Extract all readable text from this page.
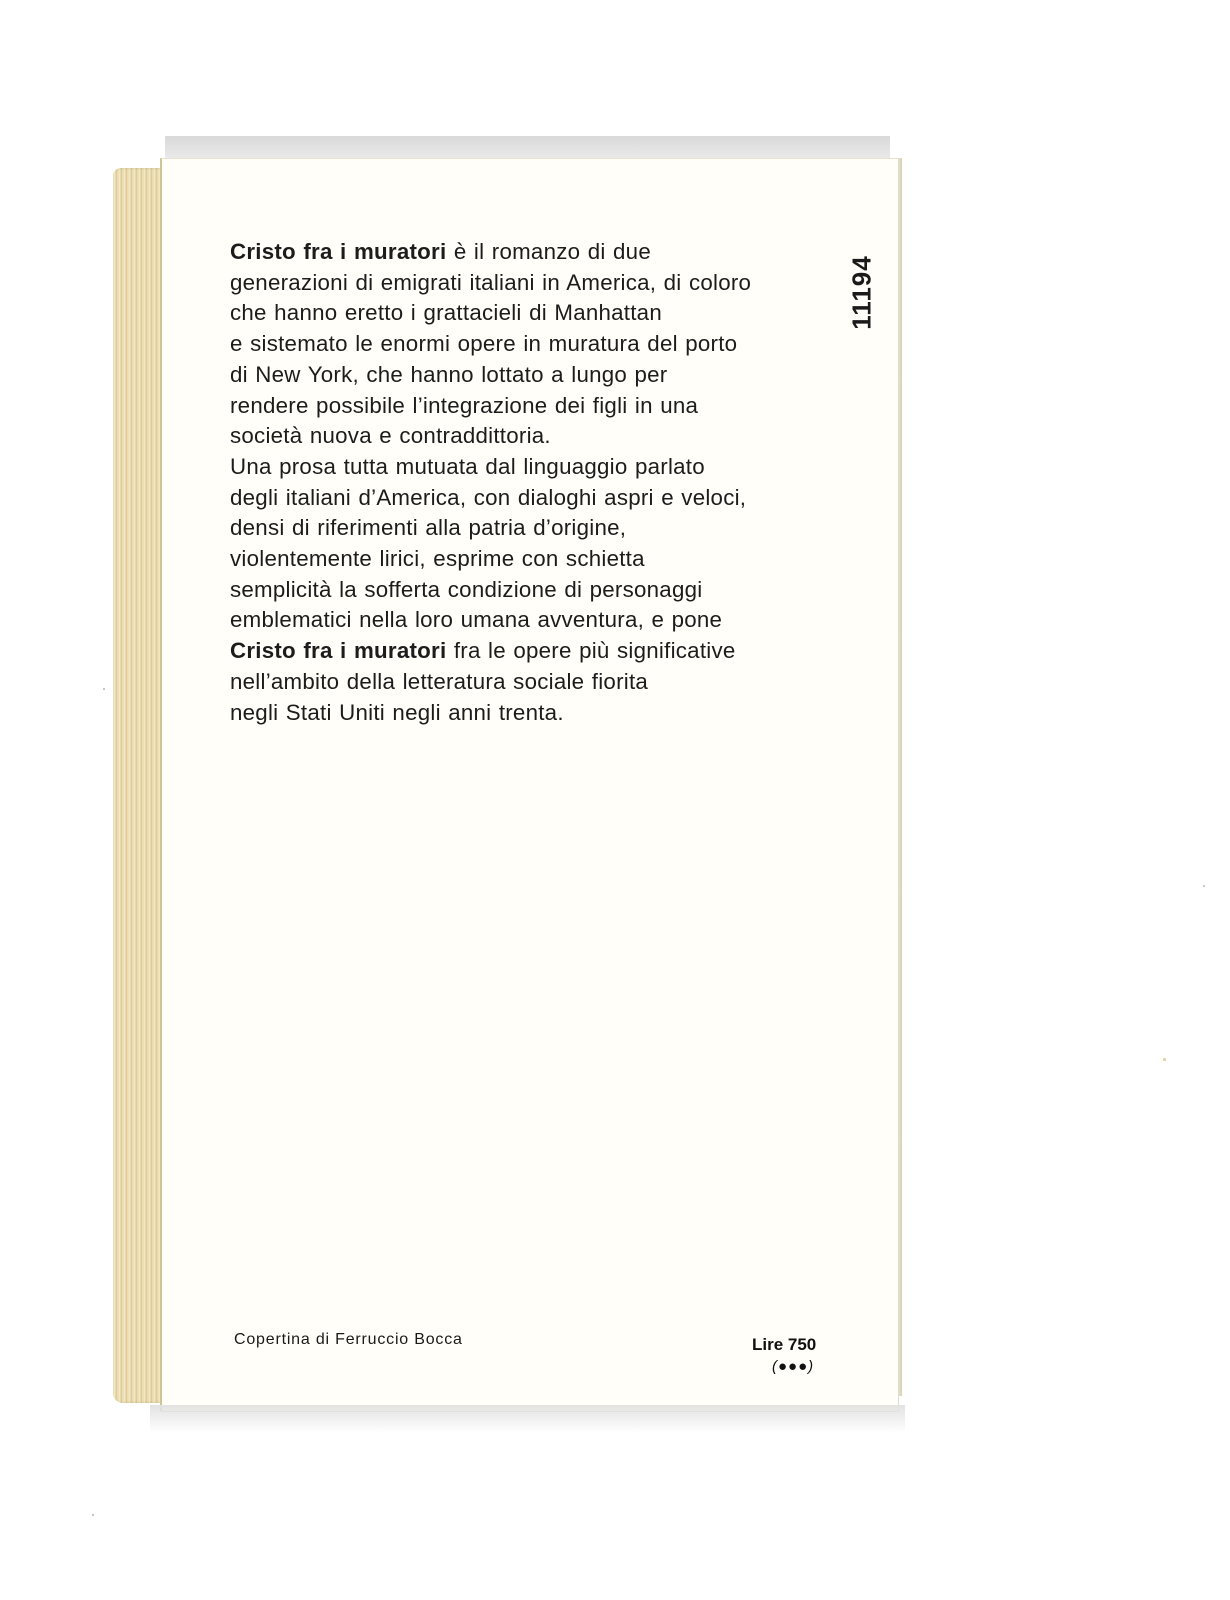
Cristo fra i muratori è il romanzo di due
generazioni di emigrati italiani in America, di coloro
che hanno eretto i grattacieli di Manhattan
e sistemato le enormi opere in muratura del porto
di New York, che hanno lottato a lungo per
rendere possibile l’integrazione dei figli in una
società nuova e contraddittoria.
Una prosa tutta mutuata dal linguaggio parlato
degli italiani d’America, con dialoghi aspri e veloci,
densi di riferimenti alla patria d’origine,
violentemente lirici, esprime con schietta
semplicità la sofferta condizione di personaggi
emblematici nella loro umana avventura, e pone
Cristo fra i muratori fra le opere più significative
nell’ambito della letteratura sociale fiorita
negli Stati Uniti negli anni trenta.
11194
Copertina di Ferruccio Bocca	Lire 750
(●●●)
